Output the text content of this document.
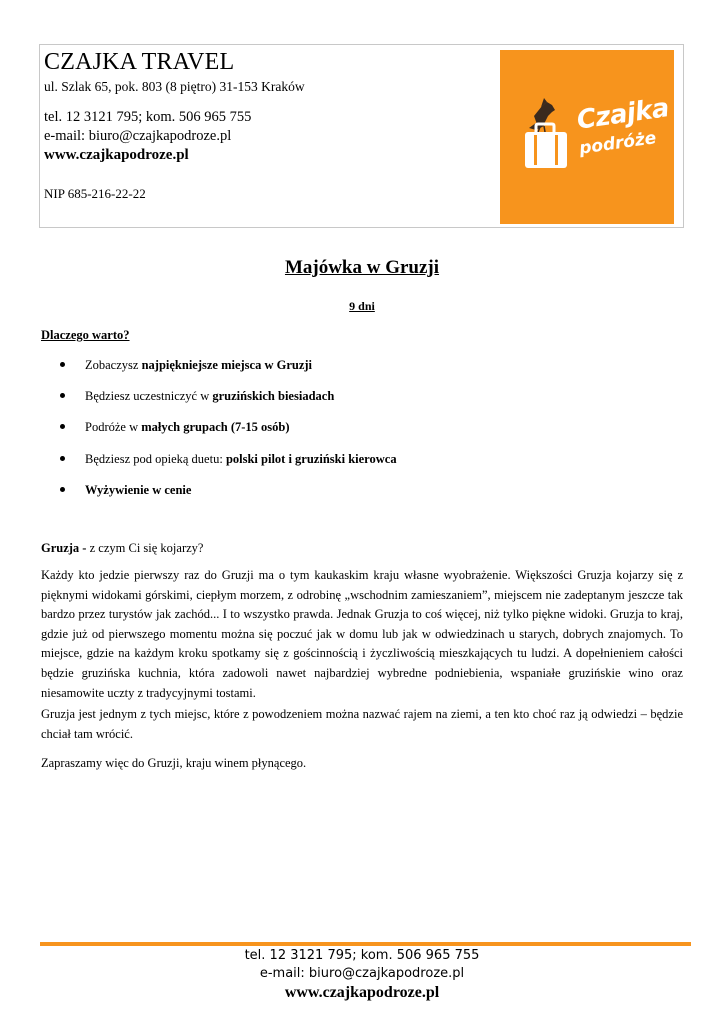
CZAJKA TRAVEL
ul. Szlak 65, pok. 803 (8 piętro) 31-153 Kraków
tel. 12 3121 795; kom. 506 965 755
e-mail: biuro@czajkapodroze.pl
www.czajkapodroze.pl
NIP 685-216-22-22
Czajka
podróże
Majówka w Gruzji
9 dni
Dlaczego warto?
Zobaczysz najpiękniejsze miejsca w Gruzji
Będziesz uczestniczyć w gruzińskich biesiadach
Podróże w małych grupach (7-15 osób)
Będziesz pod opieką duetu: polski pilot i gruziński kierowca
Wyżywienie w cenie
Gruzja - z czym Ci się kojarzy?

Każdy kto jedzie pierwszy raz do Gruzji ma o tym kaukaskim kraju własne wyobrażenie. Większości Gruzja kojarzy się z pięknymi widokami górskimi, ciepłym morzem, z odrobinę „wschodnim zamieszaniem”, miejscem nie zadeptanym jeszcze tak bardzo przez turystów jak zachód... I to wszystko prawda. Jednak Gruzja to coś więcej, niż tylko piękne widoki. Gruzja to kraj, gdzie już od pierwszego momentu można się poczuć jak w domu lub jak w odwiedzinach u starych, dobrych znajomych. To miejsce, gdzie na każdym kroku spotkamy się z gościnnością i życzliwością mieszkających tu ludzi. A dopełnieniem całości będzie gruzińska kuchnia, która zadowoli nawet najbardziej wybredne podniebienia, wspaniałe gruzińskie wino oraz niesamowite uczty z tradycyjnymi tostami.

Gruzja jest jednym z tych miejsc, które z powodzeniem można nazwać rajem na ziemi, a ten kto choć raz ją odwiedzi – będzie chciał tam wrócić.

Zapraszamy więc do Gruzji, kraju winem płynącego.

tel. 12 3121 795; kom. 506 965 755
e-mail: biuro@czajkapodroze.pl
www.czajkapodroze.pl
